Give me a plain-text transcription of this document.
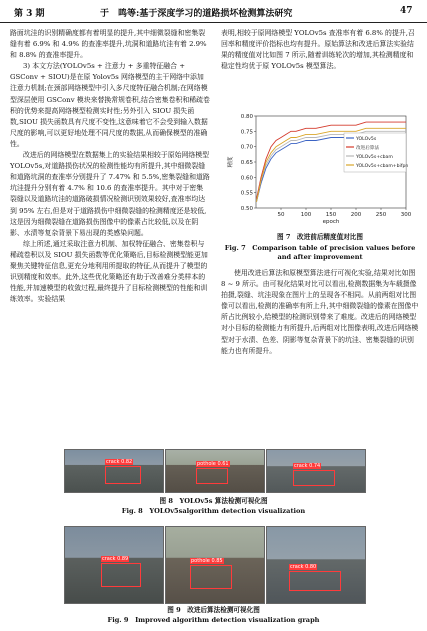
第 3 期	于　鸣等:基于深度学习的道路损坏检测算法研究	47

路面坑洼的识别精确度都有着明显的提升,其中细微裂缝和密集裂缝有着 6.9% 和 4.9% 的查准率提升,坑洞和道路坑洼有着 2.9% 和 8.8% 的查准率提升。

3) 本文方法(YOLOv5s + 注意力 + 多重特征融合 + GSConv + SIOU)是在原 Yolov5s 网络模型的主干网络中添加注意力机制;在颈部网络模型中引入多尺度特征融合机制;在网络模型深层使用 GSConv 模块来替换常规卷积,结合密集卷积和稀疏卷积的优势来提高网络模型检测实时性;另外引入 SIOU 损失函数,SIOU 损失函数具有尺度不变性,这意味着它不会受到输入数据尺度的影响,可以更好地处理不同尺度的数据,从而确保模型的准确性。

改进后的网络模型在数据集上的实验结果相较于原始网络模型 YOLOv5s,对道路损伤状况的检测性能均有所提升,其中细微裂缝和道路坑洞的查准率分别提升了 7.47% 和 5.5%,密集裂缝和道路坑洼提升分别有着 4.7% 和 10.6 的查准率提升。其中对于密集裂缝以及道路坑洼的道路破损情况检测识别效果较好,查准率均达到 95% 左右,但是对于道路损伤中细微裂缝的检测精度还是较低,这是因为细微裂缝在道路损伤图像中的像素占比较低,以及在阴影、水渍等复杂背景下易出现的类感染问题。

综上所述,通过采取注意力机制、加权特征融合、密集卷积与稀疏卷积以及 SIOU 损失函数等优化策略后,目标检测模型能更加聚焦关键特征信息,更充分地利用所提取的特征,从而提升了模型的识别精度和效率。此外,这些优化策略还有助于改善难分类样本的性能,并加速模型的收敛过程,最终提升了目标检测模型的性能和训练效率。实验结果

表明,相较于原网络模型 YOLOv5s 查准率有着 6.8% 的提升,召回率和精度评价指标也均有提升。原始算法和改进后算法实验结果的精度值对比如图 7 所示,随着训练轮次的增加,其检测精度和稳定性均优于原 YOLOv5s 模型算法。

0.50
0.55
0.60
0.65
0.70
0.75
0.80
50	100	150	200	250	300
epoch
精度
YOLOv5s
改进后算法
YOLOv5s+cbam
YOLOv5s+cbam+bifpn
图 7　改进前后精度值对比图
Fig. 7　Comparison table of precision values before
and after improvement

使用改进后算法和原模型算法进行可视化实验,结果对比如图 8 ~ 9 所示。由可视化结果对比可以看出,检测数据集为车载摄像拍摄,裂缝、坑洼现象在图片上的呈现各不相同。从前两组对比图像可以看出,检测的准确率有所上升,其中细微裂缝的像素在图像中所占比例较小,给模型的检测识别带来了难度。改进后的网络模型对小目标的检测能力有所提升,后两组对比图像表明,改进后网络模型对于水渍、色差、阴影等复杂背景下的坑洼、密集裂缝的识别能力也有所提升。

crack 0.82	pothole 0.61	crack 0.74
图 8　YOLOv5s 算法检测可视化图
Fig. 8　YOLOv5salgorithm detection visualization
crack 0.89	pothole 0.85
crack 0.80
图 9　改进后算法检测可视化图
Fig. 9　Improved algorithm detection visualization graph
